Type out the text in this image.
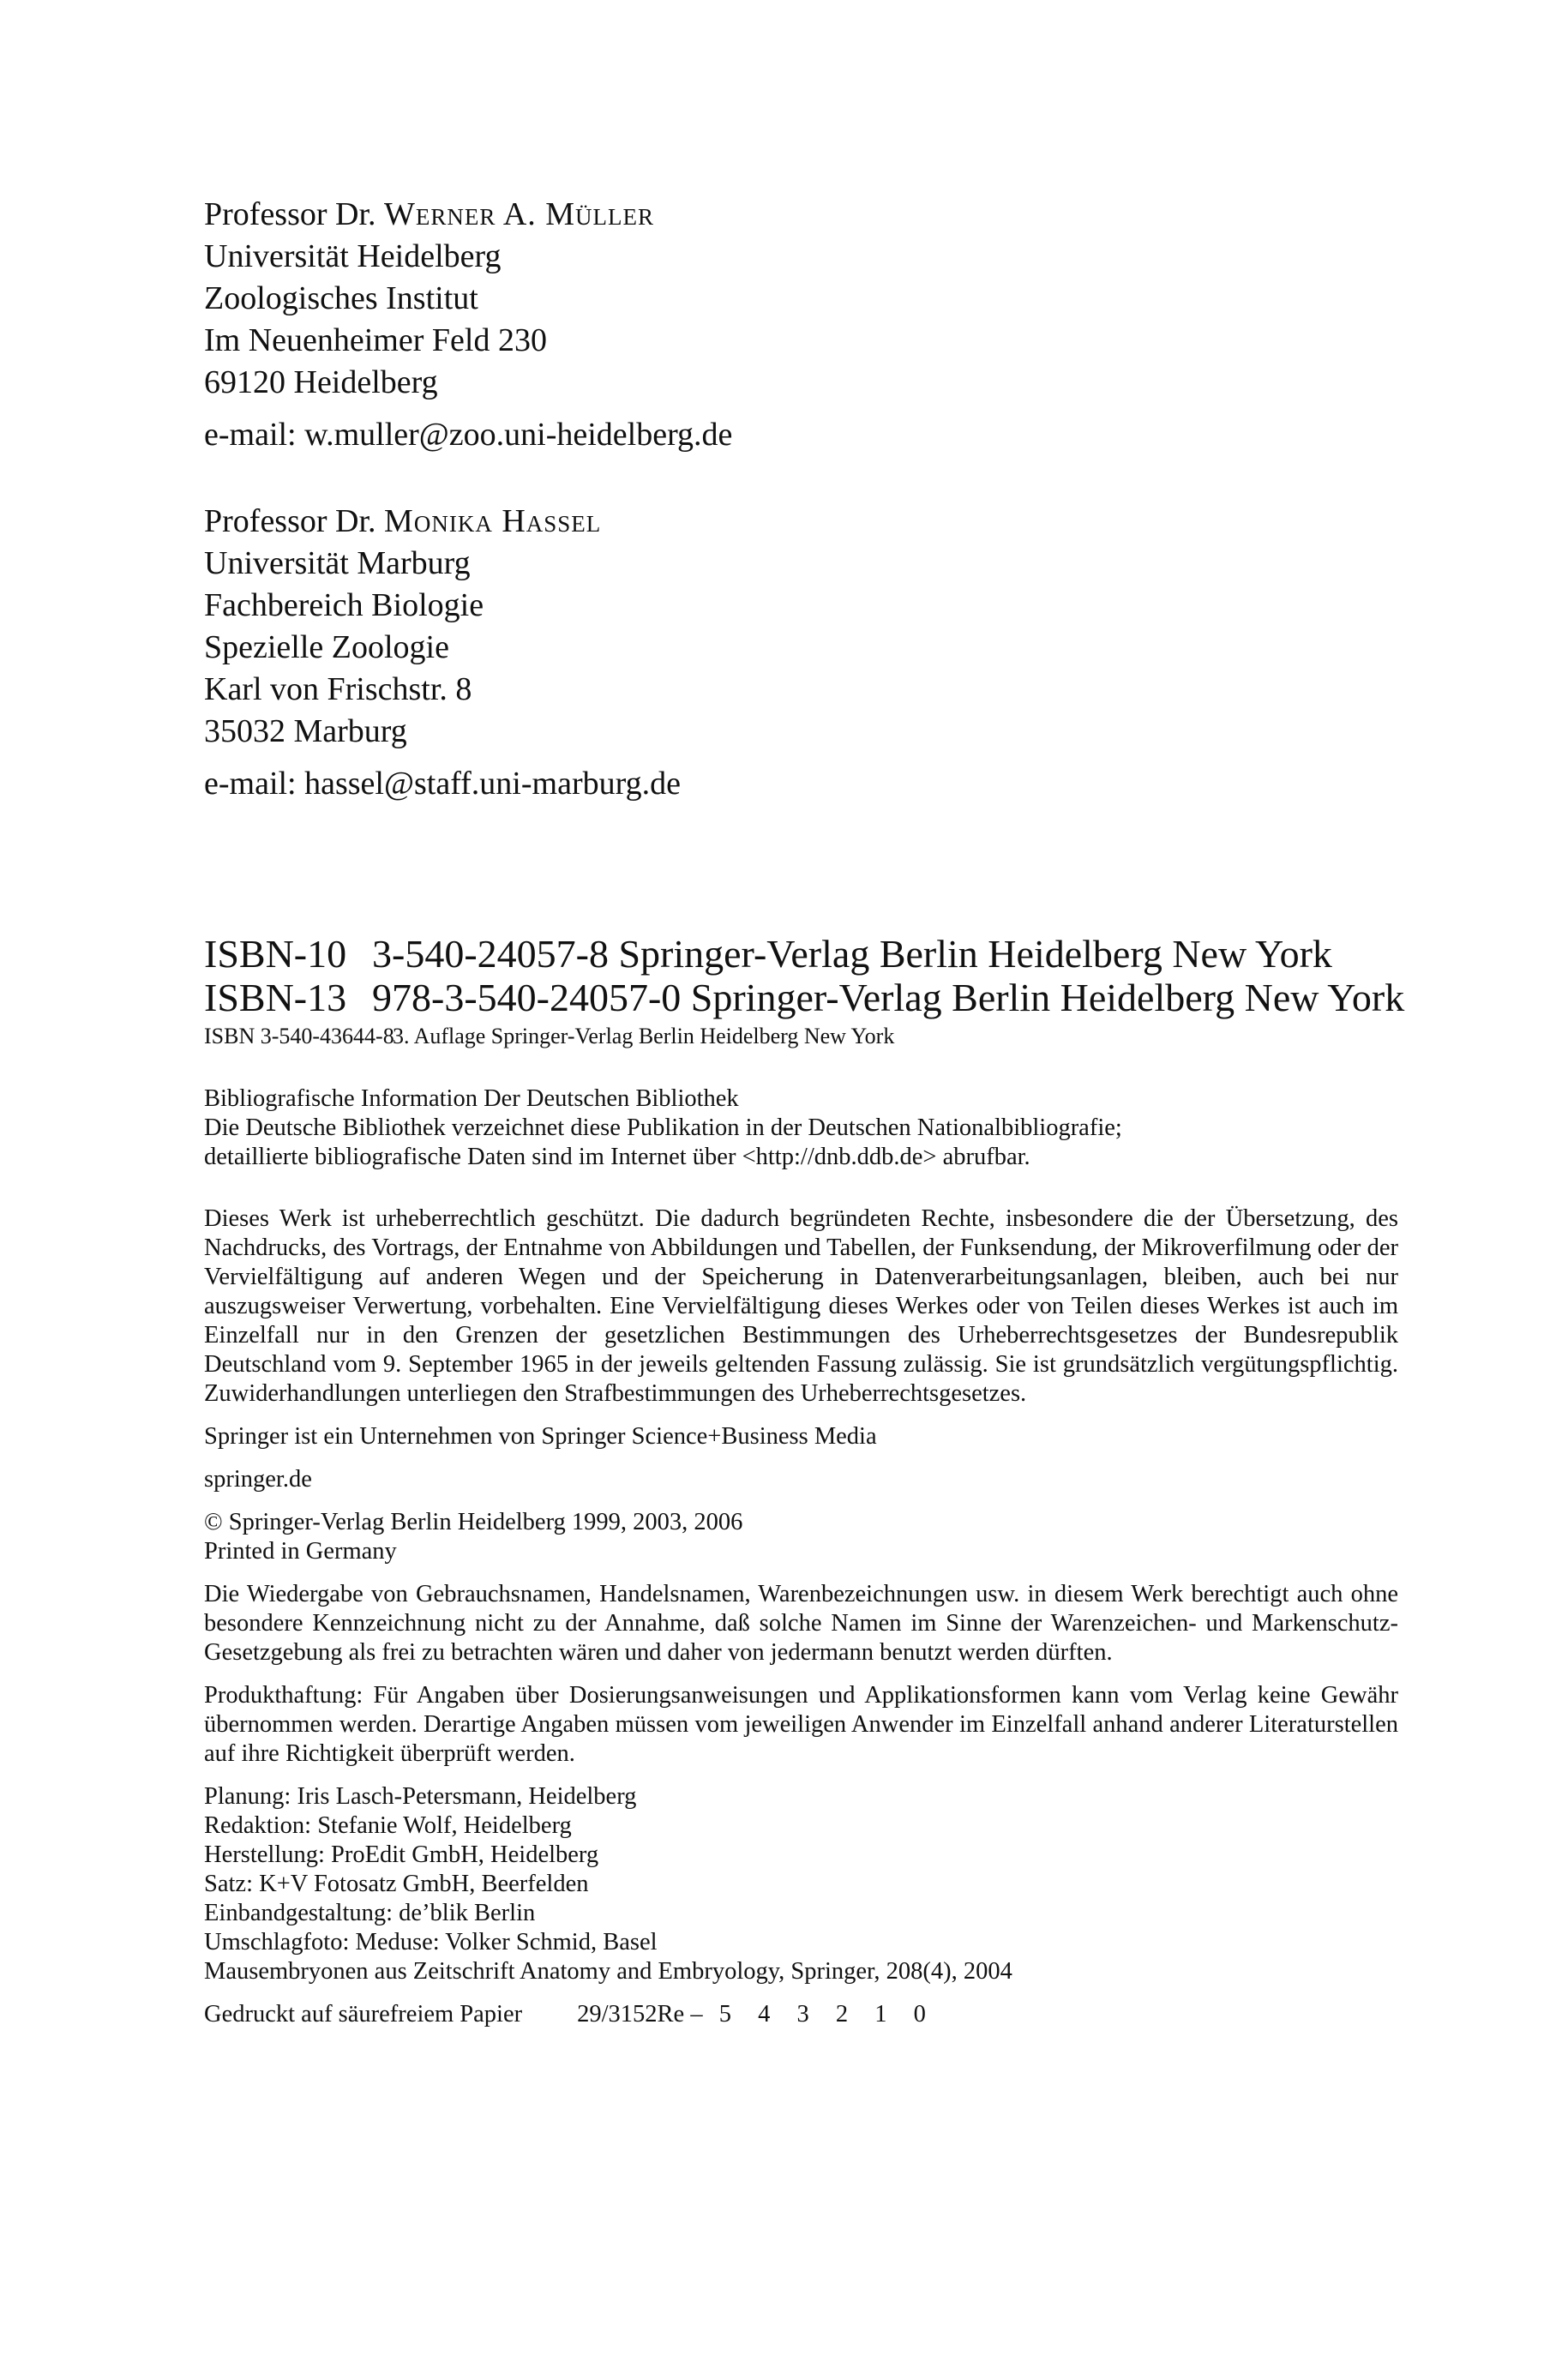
Professor Dr. Werner A. Müller
Universität Heidelberg
Zoologisches Institut
Im Neuenheimer Feld 230
69120 Heidelberg
e-mail: w.muller@zoo.uni-heidelberg.de
Professor Dr. Monika Hassel
Universität Marburg
Fachbereich Biologie
Spezielle Zoologie
Karl von Frischstr. 8
35032 Marburg
e-mail: hassel@staff.uni-marburg.de
ISBN-10 3-540-24057-8 Springer-Verlag Berlin Heidelberg New York
ISBN-13 978-3-540-24057-0 Springer-Verlag Berlin Heidelberg New York
ISBN 3-540-43644-83. Auflage Springer-Verlag Berlin Heidelberg New York
Bibliografische Information Der Deutschen Bibliothek
Die Deutsche Bibliothek verzeichnet diese Publikation in der Deutschen Nationalbibliografie;
detaillierte bibliografische Daten sind im Internet über <http://dnb.ddb.de> abrufbar.

Dieses Werk ist urheberrechtlich geschützt. Die dadurch begründeten Rechte, insbesondere die der Übersetzung, des Nachdrucks, des Vortrags, der Entnahme von Abbildungen und Tabellen, der Funksendung, der Mikroverfilmung oder der Vervielfältigung auf anderen Wegen und der Speicherung in Datenverarbeitungsanlagen, bleiben, auch bei nur auszugsweiser Verwertung, vorbehalten. Eine Vervielfältigung dieses Werkes oder von Teilen dieses Werkes ist auch im Einzelfall nur in den Grenzen der gesetzlichen Bestimmungen des Urheberrechtsgesetzes der Bundesrepublik Deutschland vom 9. September 1965 in der jeweils geltenden Fassung zulässig. Sie ist grundsätzlich vergütungspflichtig. Zuwiderhandlungen unterliegen den Strafbestimmungen des Urheberrechtsgesetzes.

Springer ist ein Unternehmen von Springer Science+Business Media

springer.de

© Springer-Verlag Berlin Heidelberg 1999, 2003, 2006
Printed in Germany

Die Wiedergabe von Gebrauchsnamen, Handelsnamen, Warenbezeichnungen usw. in diesem Werk berechtigt auch ohne besondere Kennzeichnung nicht zu der Annahme, daß solche Namen im Sinne der Warenzeichen- und Markenschutz-Gesetzgebung als frei zu betrachten wären und daher von jedermann benutzt werden dürften.

Produkthaftung: Für Angaben über Dosierungsanweisungen und Applikationsformen kann vom Verlag keine Gewähr übernommen werden. Derartige Angaben müssen vom jeweiligen Anwender im Einzelfall anhand anderer Literaturstellen auf ihre Richtigkeit überprüft werden.

Planung: Iris Lasch-Petersmann, Heidelberg
Redaktion: Stefanie Wolf, Heidelberg
Herstellung: ProEdit GmbH, Heidelberg
Satz: K+V Fotosatz GmbH, Beerfelden
Einbandgestaltung: de’blik Berlin
Umschlagfoto: Meduse: Volker Schmid, Basel
Mausembryonen aus Zeitschrift Anatomy and Embryology, Springer, 208(4), 2004
Gedruckt auf säurefreiem Papier 29/3152Re – 5 4 3 2 1 0
